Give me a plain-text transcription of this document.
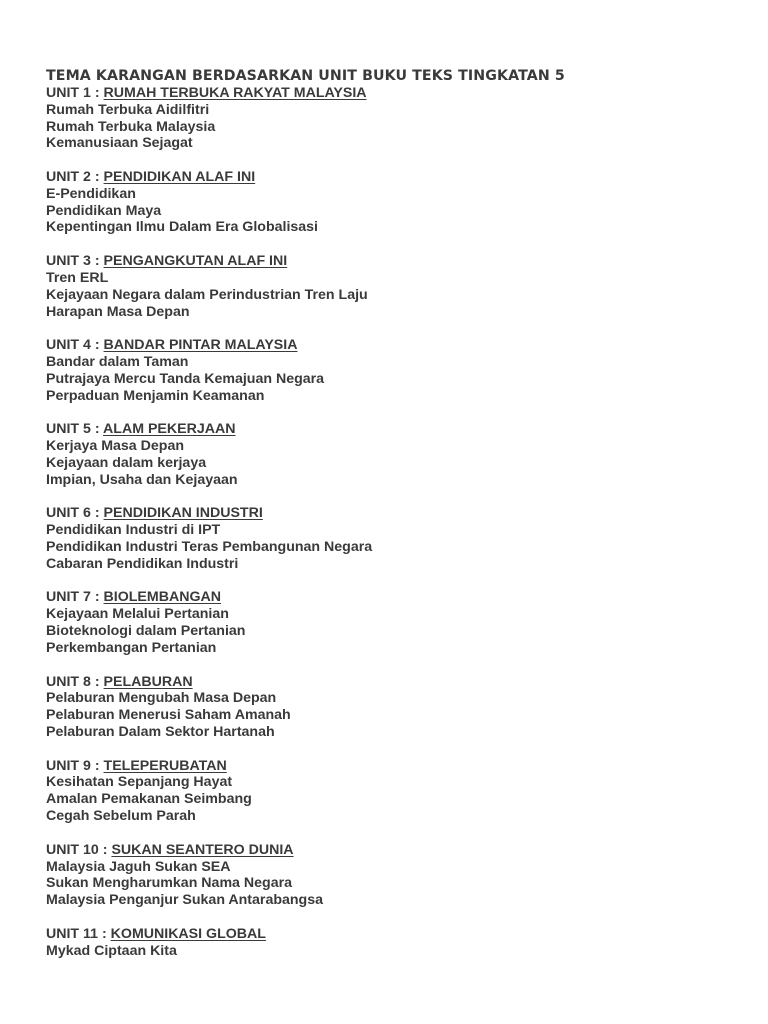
TEMA KARANGAN BERDASARKAN UNIT BUKU TEKS TINGKATAN 5
UNIT 1 : RUMAH TERBUKA RAKYAT MALAYSIA
Rumah Terbuka Aidilfitri
Rumah Terbuka Malaysia
Kemanusiaan Sejagat
UNIT 2 : PENDIDIKAN ALAF INI
E-Pendidikan
Pendidikan Maya
Kepentingan Ilmu Dalam Era Globalisasi
UNIT 3 : PENGANGKUTAN ALAF INI
Tren ERL
Kejayaan Negara dalam Perindustrian Tren Laju
Harapan Masa Depan
UNIT 4 : BANDAR PINTAR MALAYSIA
Bandar dalam Taman
Putrajaya Mercu Tanda Kemajuan Negara
Perpaduan Menjamin Keamanan
UNIT 5 : ALAM PEKERJAAN
Kerjaya Masa Depan
Kejayaan dalam kerjaya
Impian, Usaha dan Kejayaan
UNIT 6 : PENDIDIKAN INDUSTRI
Pendidikan Industri di IPT
Pendidikan Industri Teras Pembangunan Negara
Cabaran Pendidikan Industri
UNIT 7 : BIOLEMBANGAN
Kejayaan Melalui Pertanian
Bioteknologi dalam Pertanian
Perkembangan Pertanian
UNIT 8 : PELABURAN
Pelaburan Mengubah Masa Depan
Pelaburan Menerusi Saham Amanah
Pelaburan Dalam Sektor Hartanah
UNIT 9 : TELEPERUBATAN
Kesihatan Sepanjang Hayat
Amalan Pemakanan Seimbang
Cegah Sebelum Parah
UNIT 10 : SUKAN SEANTERO DUNIA
Malaysia Jaguh Sukan SEA
Sukan Mengharumkan Nama Negara
Malaysia Penganjur Sukan Antarabangsa
UNIT 11 : KOMUNIKASI GLOBAL
Mykad Ciptaan Kita
